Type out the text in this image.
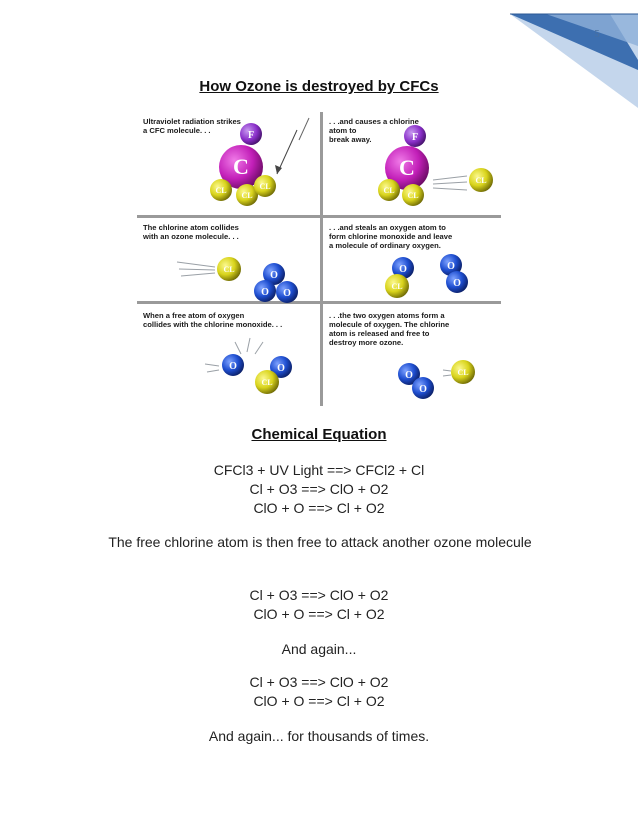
5
How Ozone is destroyed by CFCs
Ultraviolet radiation strikes
a CFC molecule. . .	F
C
CL
CL
CL
. . .and causes a chlorine
atom to
break away.	F
C
CL
CL
CL
The chlorine atom collides
with an ozone molecule. . .
CL
O
O O
. . .and steals an oxygen atom to
form chlorine monoxide and leave
a molecule of ordinary oxygen.
O
CL
O
O
When a free atom of oxygen
collides with the chlorine monoxide. . .
O	O
CL
. . .the two oxygen atoms form a
molecule of oxygen. The chlorine
atom is released and free to
destroy more ozone.
O
O
CL
Chemical Equation
CFCl3 + UV Light ==> CFCl2 + Cl
Cl + O3 ==> ClO + O2
ClO + O ==> Cl + O2
The free chlorine atom is then free to attack another ozone molecule
Cl + O3 ==> ClO + O2
ClO + O ==> Cl + O2
And again...
Cl + O3 ==> ClO + O2
ClO + O ==> Cl + O2
And again... for thousands of times.
